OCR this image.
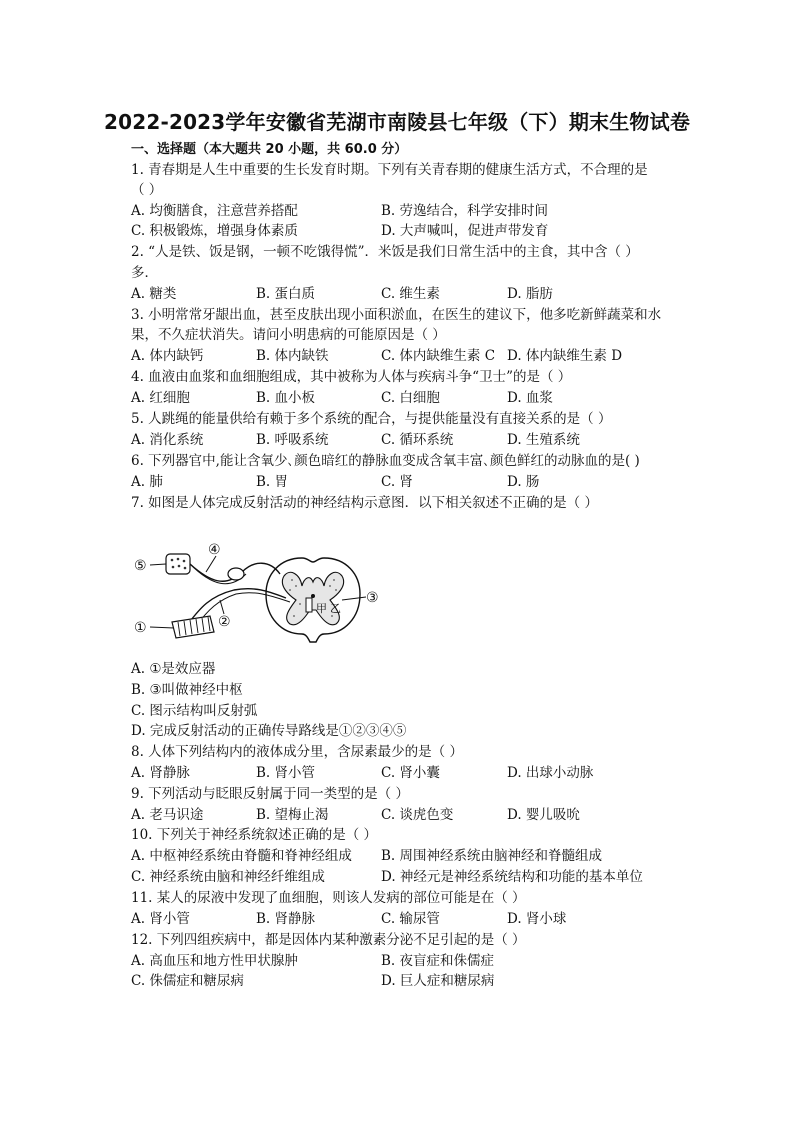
2022-2023学年安徽省芜湖市南陵县七年级（下）期末生物试卷
一、选择题（本大题共 20 小题，共 60.0 分）
1. 青春期是人生中重要的生长发育时期。下列有关青春期的健康生活方式，不合理的是
（ ）
A. 均衡膳食，注意营养搭配	B. 劳逸结合，科学安排时间
C. 积极锻炼，增强身体素质	D. 大声喊叫，促进声带发育
2. “人是铁、饭是钢，一顿不吃饿得慌”．米饭是我们日常生活中的主食，其中含（ ）
多．
A. 糖类	B. 蛋白质	C. 维生素	D. 脂肪
3. 小明常常牙龈出血，甚至皮肤出现小面积淤血，在医生的建议下，他多吃新鲜蔬菜和水
果，不久症状消失。请问小明患病的可能原因是（ ）
A. 体内缺钙	B. 体内缺铁	C. 体内缺维生素 C D. 体内缺维生素 D
4. 血液由血浆和血细胞组成，其中被称为人体与疾病斗争“卫士”的是（ ）
A. 红细胞	B. 血小板	C. 白细胞	D. 血浆
5. 人跳绳的能量供给有赖于多个系统的配合，与提供能量没有直接关系的是（ ）
A. 消化系统	B. 呼吸系统	C. 循环系统	D. 生殖系统
6. 下列器官中,能让含氧少､颜色暗红的静脉血变成含氧丰富､颜色鲜红的动脉血的是( )
A. 肺	B. 胃	C. 肾	D. 肠
7. 如图是人体完成反射活动的神经结构示意图．以下相关叙述不正确的是（ ）
甲 乙
⑤
④
③
②
①
A. ①是效应器
B. ③叫做神经中枢
C. 图示结构叫反射弧
D. 完成反射活动的正确传导路线是①②③④⑤
8. 人体下列结构内的液体成分里，含尿素最少的是（ ）
A. 肾静脉	B. 肾小管	C. 肾小囊	D. 出球小动脉
9. 下列活动与眨眼反射属于同一类型的是（ ）
A. 老马识途	B. 望梅止渴	C. 谈虎色变	D. 婴儿吸吮
10. 下列关于神经系统叙述正确的是（ ）
A. 中枢神经系统由脊髓和脊神经组成 B. 周围神经系统由脑神经和脊髓组成
C. 神经系统由脑和神经纤维组成	D. 神经元是神经系统结构和功能的基本单位
11. 某人的尿液中发现了血细胞，则该人发病的部位可能是在（ ）
A. 肾小管	B. 肾静脉	C. 输尿管	D. 肾小球
12. 下列四组疾病中，都是因体内某种激素分泌不足引起的是（ ）
A. 高血压和地方性甲状腺肿	B. 夜盲症和侏儒症
C. 侏儒症和糖尿病	D. 巨人症和糖尿病
